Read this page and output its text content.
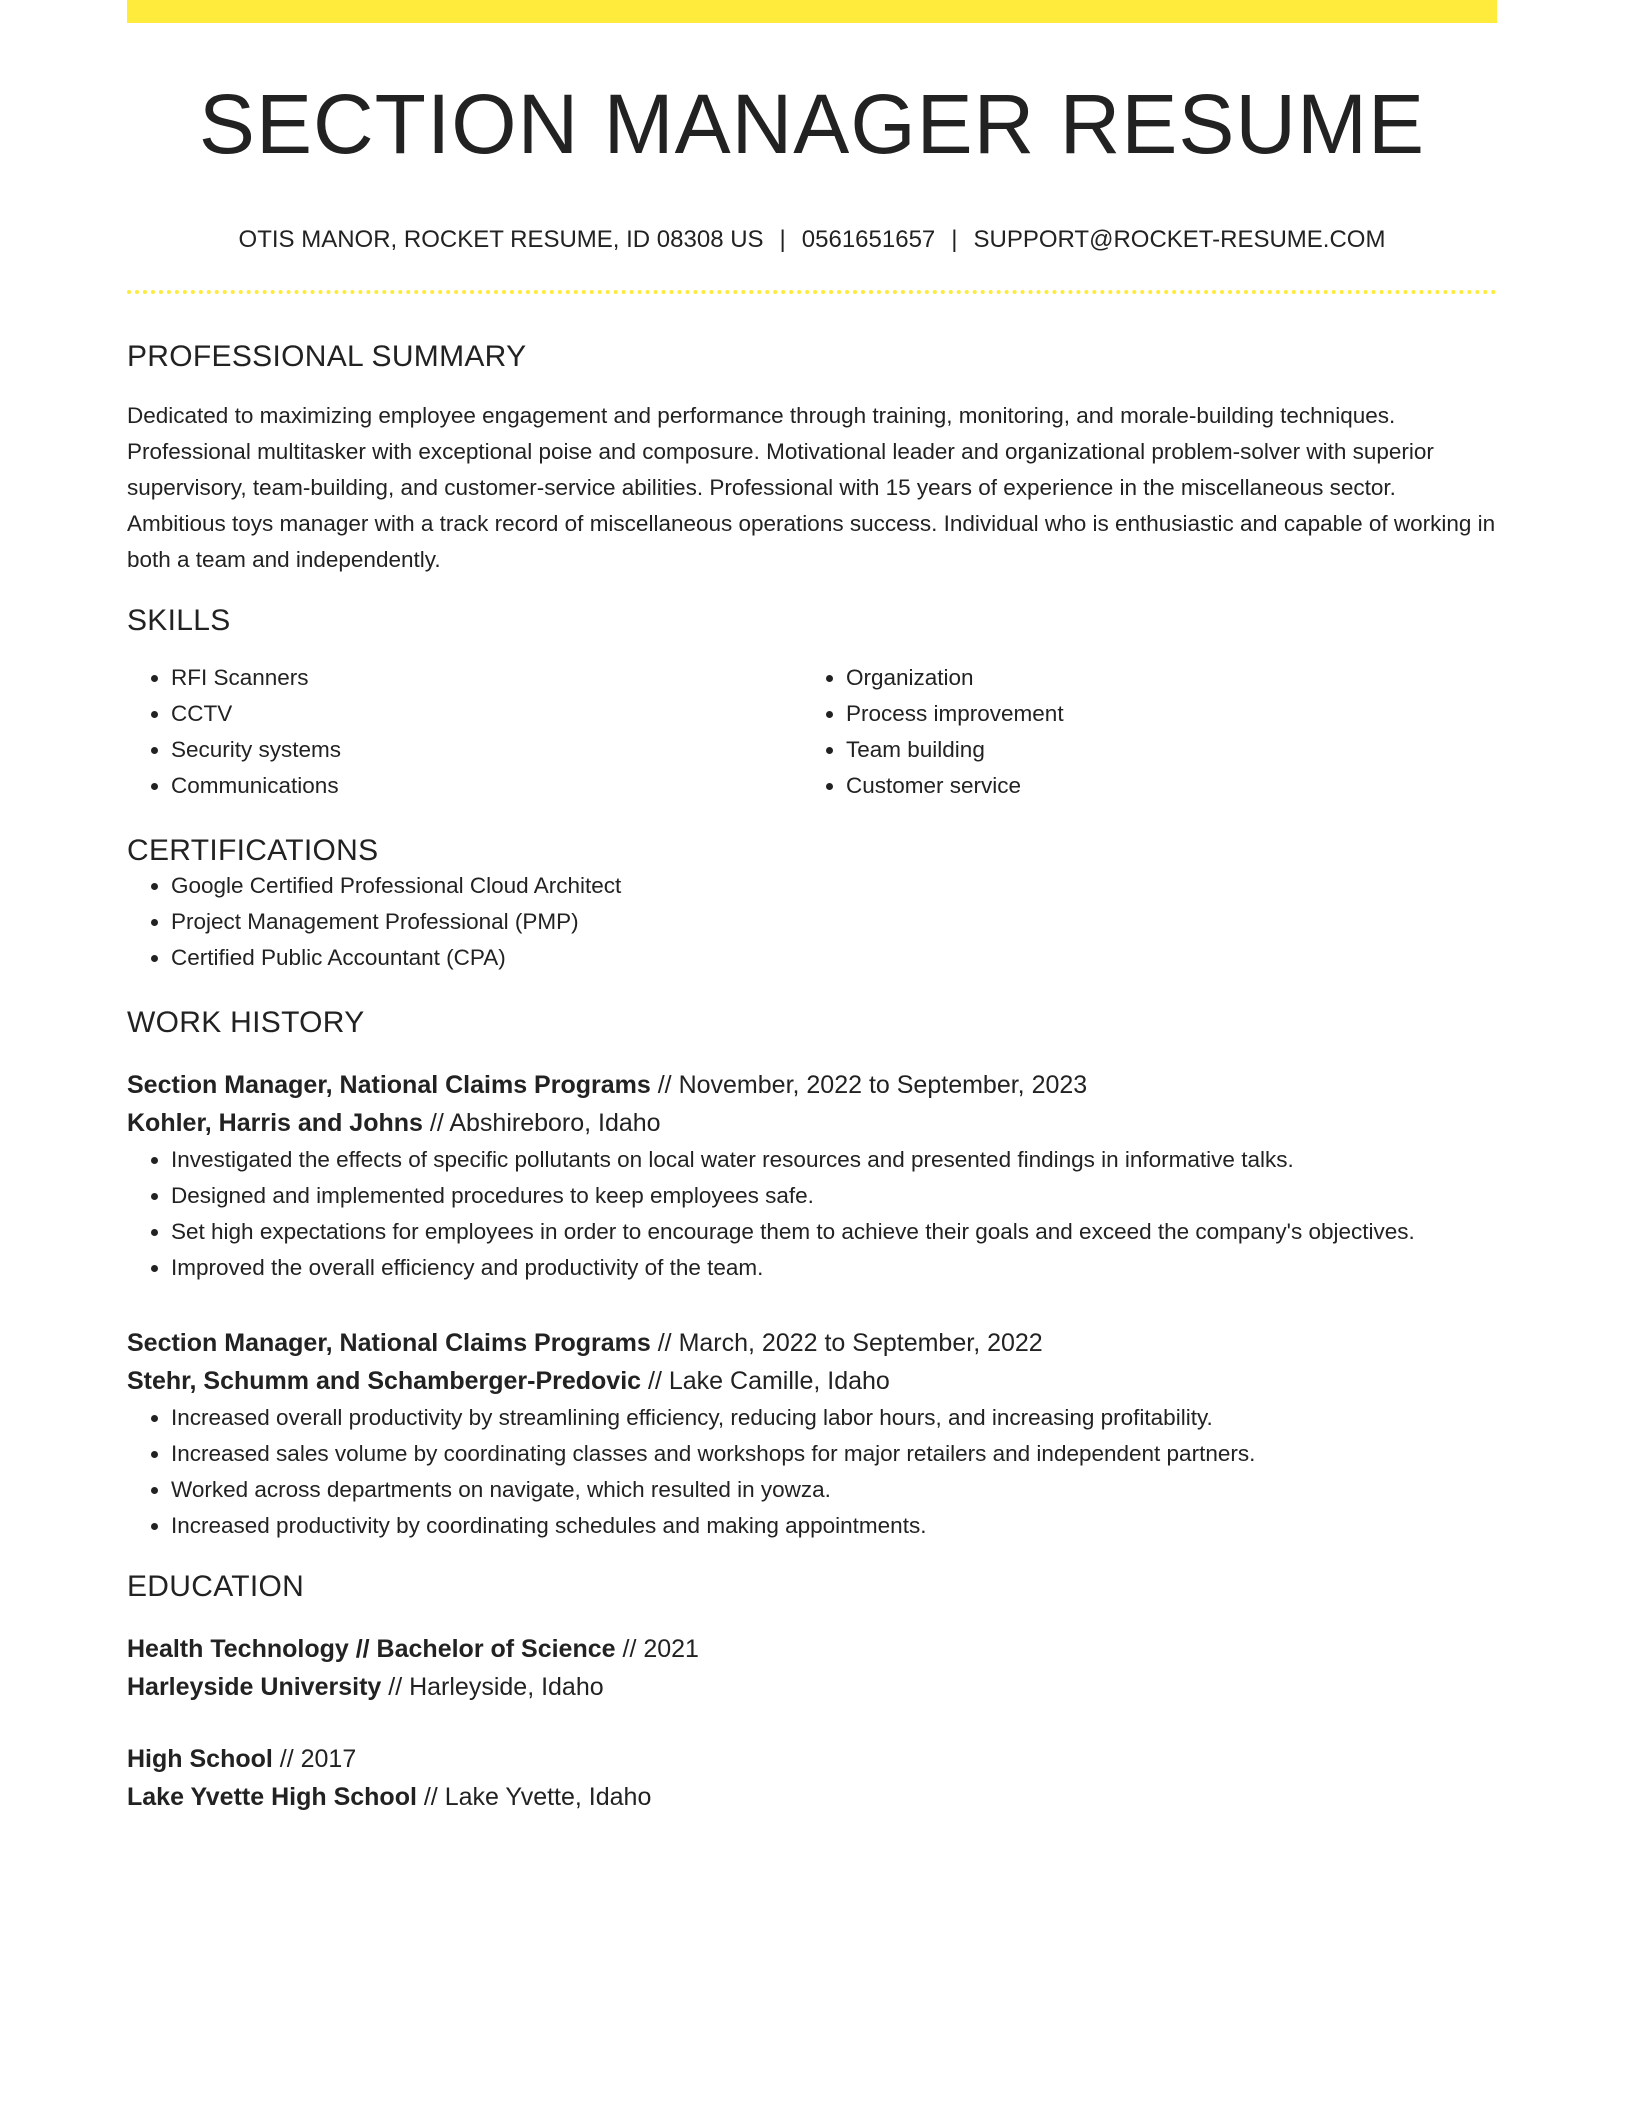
SECTION MANAGER RESUME
OTIS MANOR, ROCKET RESUME, ID 08308 US | 0561651657 | SUPPORT@ROCKET-RESUME.COM
PROFESSIONAL SUMMARY
Dedicated to maximizing employee engagement and performance through training, monitoring, and morale-building techniques. Professional multitasker with exceptional poise and composure. Motivational leader and organizational problem-solver with superior supervisory, team-building, and customer-service abilities. Professional with 15 years of experience in the miscellaneous sector. Ambitious toys manager with a track record of miscellaneous operations success. Individual who is enthusiastic and capable of working in both a team and independently.
SKILLS
• RFI Scanners
• CCTV
• Security systems
• Communications
• Organization
• Process improvement
• Team building
• Customer service
CERTIFICATIONS
• Google Certified Professional Cloud Architect
• Project Management Professional (PMP)
• Certified Public Accountant (CPA)
WORK HISTORY
Section Manager, National Claims Programs // November, 2022 to September, 2023
Kohler, Harris and Johns // Abshireboro, Idaho
• Investigated the effects of specific pollutants on local water resources and presented findings in informative talks.
• Designed and implemented procedures to keep employees safe.
• Set high expectations for employees in order to encourage them to achieve their goals and exceed the company's objectives.
• Improved the overall efficiency and productivity of the team.
Section Manager, National Claims Programs // March, 2022 to September, 2022
Stehr, Schumm and Schamberger-Predovic // Lake Camille, Idaho
• Increased overall productivity by streamlining efficiency, reducing labor hours, and increasing profitability.
• Increased sales volume by coordinating classes and workshops for major retailers and independent partners.
• Worked across departments on navigate, which resulted in yowza.
• Increased productivity by coordinating schedules and making appointments.
EDUCATION
Health Technology // Bachelor of Science // 2021
Harleyside University // Harleyside, Idaho
High School // 2017
Lake Yvette High School // Lake Yvette, Idaho
